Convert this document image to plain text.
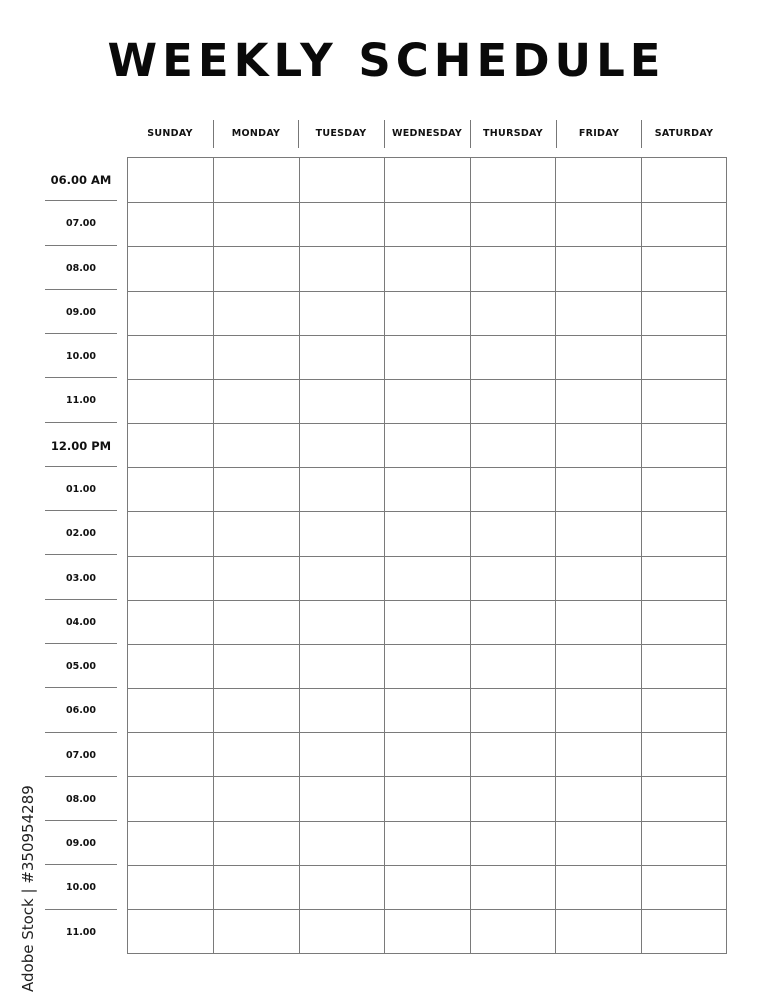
WEEKLY SCHEDULE
SUNDAY	MONDAY	TUESDAY	WEDNESDAY	THURSDAY	FRIDAY	SATURDAY
06.00 AM
07.00
08.00
09.00
10.00
11.00
12.00 PM
01.00
02.00
03.00
04.00
05.00
06.00
07.00
08.00
09.00
10.00
11.00
Adobe Stock | #350954289
